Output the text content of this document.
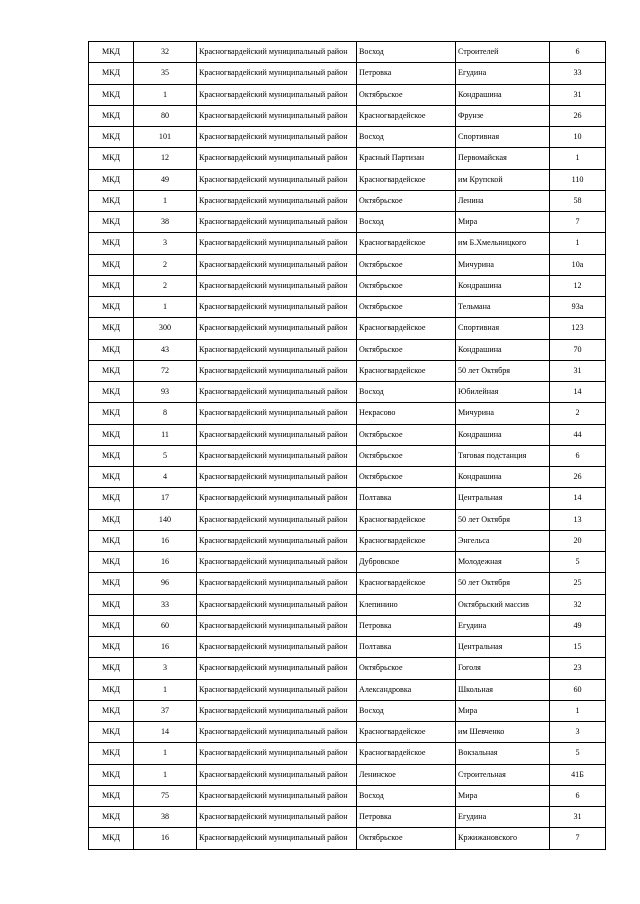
МКД	32	Красногвардейский муниципальный район	Восход	Строителей	6
МКД	35	Красногвардейский муниципальный район	Петровка	Егудина	33
МКД	1	Красногвардейский муниципальный район	Октябрьское	Кондрашина	31
МКД	80	Красногвардейский муниципальный район	Красногвардейское	Фрунзе	26
МКД	101	Красногвардейский муниципальный район	Восход	Спортивная	10
МКД	12	Красногвардейский муниципальный район	Красный Партизан	Первомайская	1
МКД	49	Красногвардейский муниципальный район	Красногвардейское	им Крупской	110
МКД	1	Красногвардейский муниципальный район	Октябрьское	Ленина	58
МКД	38	Красногвардейский муниципальный район	Восход	Мира	7
МКД	3	Красногвардейский муниципальный район	Красногвардейское	им Б.Хмельницкого	1
МКД	2	Красногвардейский муниципальный район	Октябрьское	Мичурина	10а
МКД	2	Красногвардейский муниципальный район	Октябрьское	Кондрашина	12
МКД	1	Красногвардейский муниципальный район	Октябрьское	Тельмана	93а
МКД	300	Красногвардейский муниципальный район	Красногвардейское	Спортивная	123
МКД	43	Красногвардейский муниципальный район	Октябрьское	Кондрашина	70
МКД	72	Красногвардейский муниципальный район	Красногвардейское	50 лет Октября	31
МКД	93	Красногвардейский муниципальный район	Восход	Юбилейная	14
МКД	8	Красногвардейский муниципальный район	Некрасово	Мичурина	2
МКД	11	Красногвардейский муниципальный район	Октябрьское	Кондрашина	44
МКД	5	Красногвардейский муниципальный район	Октябрьское	Тяговая подстанция	6
МКД	4	Красногвардейский муниципальный район	Октябрьское	Кондрашина	26
МКД	17	Красногвардейский муниципальный район	Полтавка	Центральная	14
МКД	140	Красногвардейский муниципальный район	Красногвардейское	50 лет Октября	13
МКД	16	Красногвардейский муниципальный район	Красногвардейское	Энгельса	20
МКД	16	Красногвардейский муниципальный район	Дубровское	Молодежная	5
МКД	96	Красногвардейский муниципальный район	Красногвардейское	50 лет Октября	25
МКД	33	Красногвардейский муниципальный район	Клепинино	Октябрьский массив	32
МКД	60	Красногвардейский муниципальный район	Петровка	Егудина	49
МКД	16	Красногвардейский муниципальный район	Полтавка	Центральная	15
МКД	3	Красногвардейский муниципальный район	Октябрьское	Гоголя	23
МКД	1	Красногвардейский муниципальный район	Александровка	Школьная	60
МКД	37	Красногвардейский муниципальный район	Восход	Мира	1
МКД	14	Красногвардейский муниципальный район	Красногвардейское	им Шевченко	3
МКД	1	Красногвардейский муниципальный район	Красногвардейское	Вокзальная	5
МКД	1	Красногвардейский муниципальный район	Ленинское	Строительная	41Б
МКД	75	Красногвардейский муниципальный район	Восход	Мира	6
МКД	38	Красногвардейский муниципальный район	Петровка	Егудина	31
МКД	16	Красногвардейский муниципальный район	Октябрьское	Кржижановского	7
